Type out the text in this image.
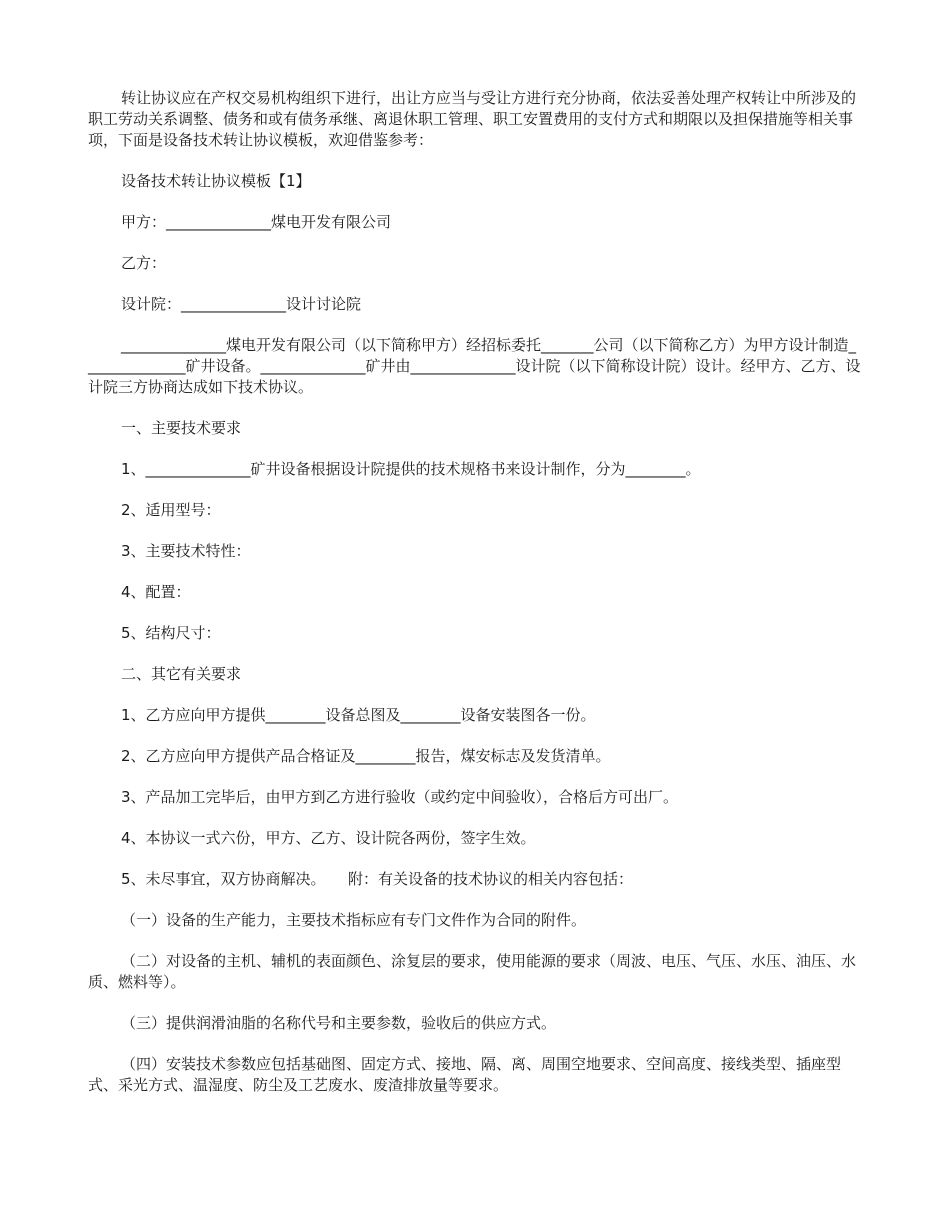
转让协议应在产权交易机构组织下进行，出让方应当与受让方进行充分协商，依法妥善处理产权转让中所涉及的职工劳动关系调整、债务和或有债务承继、离退休职工管理、职工安置费用的支付方式和期限以及担保措施等相关事项，下面是设备技术转让协议模板，欢迎借鉴参考：

设备技术转让协议模板【1】

甲方：______________煤电开发有限公司

乙方：

设计院：______________设计讨论院

______________煤电开发有限公司（以下简称甲方）经招标委托_______公司（以下简称乙方）为甲方设计制造______________矿井设备。______________矿井由______________设计院（以下简称设计院）设计。经甲方、乙方、设计院三方协商达成如下技术协议。

一、主要技术要求

1、______________矿井设备根据设计院提供的技术规格书来设计制作，分为________。

2、适用型号：

3、主要技术特性：

4、配置：

5、结构尺寸：

二、其它有关要求

1、乙方应向甲方提供________设备总图及________设备安装图各一份。

2、乙方应向甲方提供产品合格证及________报告，煤安标志及发货清单。

3、产品加工完毕后，由甲方到乙方进行验收（或约定中间验收），合格后方可出厂。

4、本协议一式六份，甲方、乙方、设计院各两份，签字生效。

5、未尽事宜，双方协商解决。　　附：有关设备的技术协议的相关内容包括：

（一）设备的生产能力，主要技术指标应有专门文件作为合同的附件。

（二）对设备的主机、辅机的表面颜色、涂复层的要求，使用能源的要求（周波、电压、气压、水压、油压、水质、燃料等）。

（三）提供润滑油脂的名称代号和主要参数，验收后的供应方式。

（四）安装技术参数应包括基础图、固定方式、接地、隔、离、周围空地要求、空间高度、接线类型、插座型式、采光方式、温湿度、防尘及工艺废水、废渣排放量等要求。
